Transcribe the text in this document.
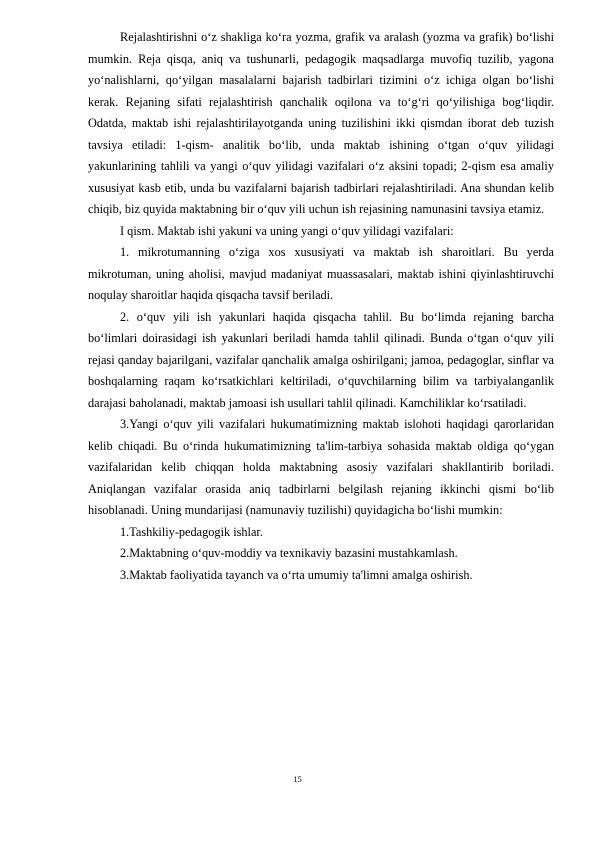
Rejalashtirishni o‘z shakliga ko‘ra yozma, grafik va aralash (yozma va grafik) bo‘lishi mumkin. Reja qisqa, aniq va tushunarli, pedagogik maqsadlarga muvofiq tuzilib, yagona yo‘nalishlarni, qo‘yilgan masalalarni bajarish tadbirlari tizimini o‘z ichiga olgan bo‘lishi kerak. Rejaning sifati rejalashtirish qanchalik oqilona va to‘g‘ri qo‘yilishiga bog‘liqdir. Odatda, maktab ishi rejalashtirilayotganda uning tuzilishini ikki qismdan iborat deb tuzish tavsiya etiladi: 1-qism- analitik bo‘lib, unda maktab ishining o‘tgan o‘quv yilidagi yakunlarining tahlili va yangi o‘quv yilidagi vazifalari o‘z aksini topadi; 2-qism esa amaliy xususiyat kasb etib, unda bu vazifalarni bajarish tadbirlari rejalashtiriladi. Ana shundan kelib chiqib, biz quyida maktabning bir o‘quv yili uchun ish rejasining namunasini tavsiya etamiz.

I qism. Maktab ishi yakuni va uning yangi o‘quv yilidagi vazifalari:

1. mikrotumanning o‘ziga xos xususiyati va maktab ish sharoitlari. Bu yerda mikrotuman, uning aholisi, mavjud madaniyat muassasalari, maktab ishini qiyinlashtiruvchi noqulay sharoitlar haqida qisqacha tavsif beriladi.

2. o‘quv yili ish yakunlari haqida qisqacha tahlil. Bu bo‘limda rejaning barcha bo‘limlari doirasidagi ish yakunlari beriladi hamda tahlil qilinadi. Bunda o‘tgan o‘quv yili rejasi qanday bajarilgani, vazifalar qanchalik amalga oshirilgani; jamoa, pedagoglar, sinflar va boshqalarning raqam ko‘rsatkichlari keltiriladi, o‘quvchilarning bilim va tarbiyalanganlik darajasi baholanadi, maktab jamoasi ish usullari tahlil qilinadi. Kamchiliklar ko‘rsatiladi.

3.Yangi o‘quv yili vazifalari hukumatimizning maktab islohoti haqidagi qarorlaridan kelib chiqadi. Bu o‘rinda hukumatimizning ta'lim-tarbiya sohasida maktab oldiga qo‘ygan vazifalaridan kelib chiqqan holda maktabning asosiy vazifalari shakllantirib boriladi. Aniqlangan vazifalar orasida aniq tadbirlarni belgilash rejaning ikkinchi qismi bo‘lib hisoblanadi. Uning mundarijasi (namunaviy tuzilishi) quyidagicha bo‘lishi mumkin:

1.Tashkiliy-pedagogik ishlar.

2.Maktabning o‘quv-moddiy va texnikaviy bazasini mustahkamlash.

3.Maktab faoliyatida tayanch va o‘rta umumiy ta'limni amalga oshirish.

15
